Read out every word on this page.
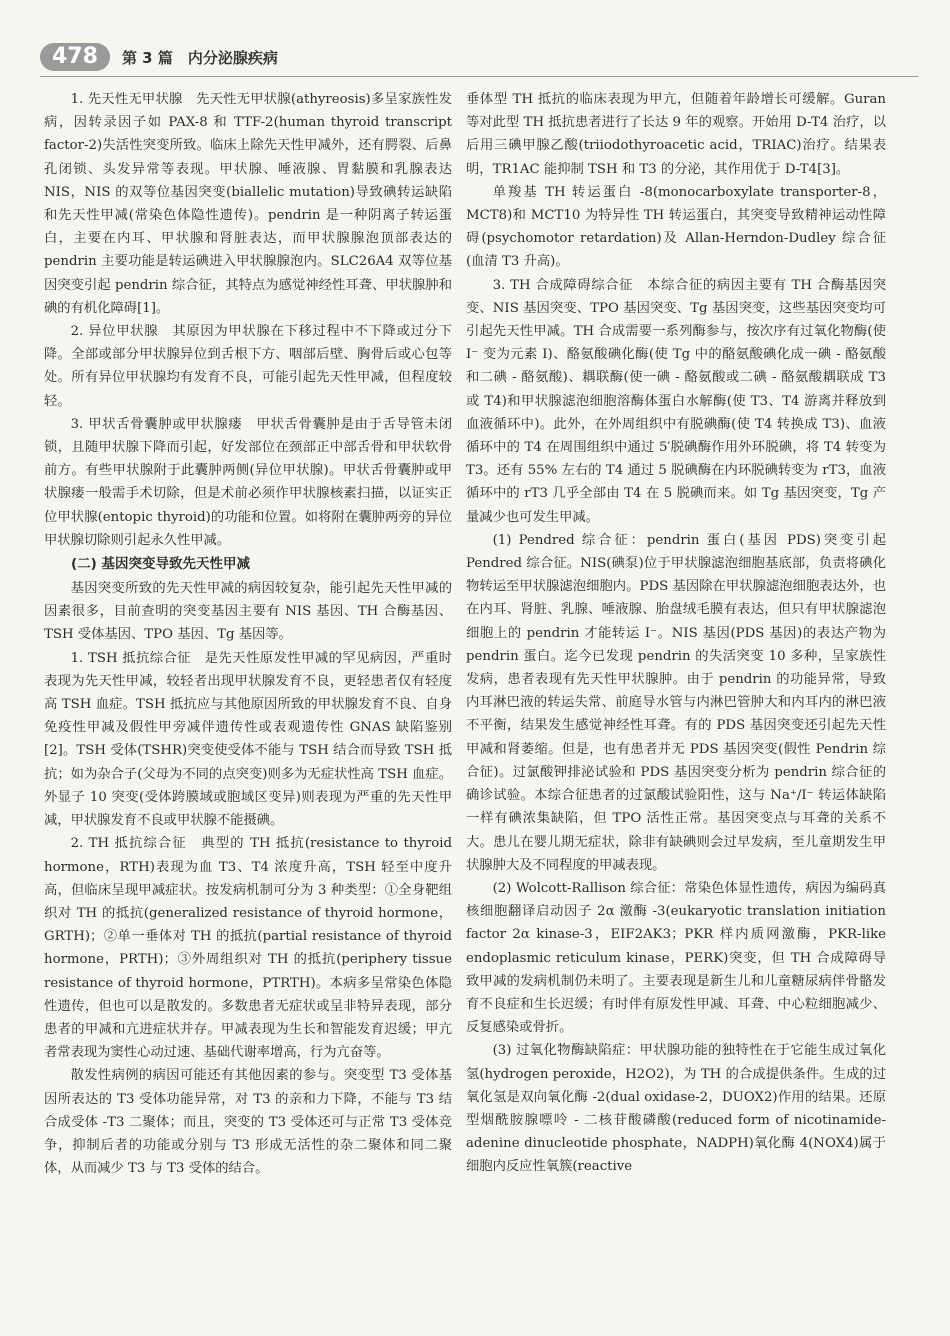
478	第 3 篇　内分泌腺疾病

1. 先天性无甲状腺　先天性无甲状腺(athyreosis)多呈家族性发病，因转录因子如 PAX-8 和 TTF-2(human thyroid transcript factor-2)失活性突变所致。临床上除先天性甲减外，还有腭裂、后鼻孔闭锁、头发异常等表现。甲状腺、唾液腺、胃黏膜和乳腺表达 NIS，NIS 的双等位基因突变(biallelic mutation)导致碘转运缺陷和先天性甲减(常染色体隐性遗传)。pendrin 是一种阴离子转运蛋白，主要在内耳、甲状腺和肾脏表达，而甲状腺腺泡顶部表达的 pendrin 主要功能是转运碘进入甲状腺腺泡内。SLC26A4 双等位基因突变引起 pendrin 综合征，其特点为感觉神经性耳聋、甲状腺肿和碘的有机化障碍[1]。

2. 异位甲状腺　其原因为甲状腺在下移过程中不下降或过分下降。全部或部分甲状腺异位到舌根下方、咽部后壁、胸骨后或心包等处。所有异位甲状腺均有发育不良，可能引起先天性甲减，但程度较轻。

3. 甲状舌骨囊肿或甲状腺瘘　甲状舌骨囊肿是由于舌导管未闭锁，且随甲状腺下降而引起，好发部位在颈部正中部舌骨和甲状软骨前方。有些甲状腺附于此囊肿两侧(异位甲状腺)。甲状舌骨囊肿或甲状腺瘘一般需手术切除，但是术前必须作甲状腺核素扫描，以证实正位甲状腺(entopic thyroid)的功能和位置。如将附在囊肿两旁的异位甲状腺切除则引起永久性甲减。

(二) 基因突变导致先天性甲减

基因突变所致的先天性甲减的病因较复杂，能引起先天性甲减的因素很多，目前查明的突变基因主要有 NIS 基因、TH 合酶基因、TSH 受体基因、TPO 基因、Tg 基因等。

1. TSH 抵抗综合征　是先天性原发性甲减的罕见病因，严重时表现为先天性甲减，较轻者出现甲状腺发育不良，更轻患者仅有轻度高 TSH 血症。TSH 抵抗应与其他原因所致的甲状腺发育不良、自身免疫性甲减及假性甲旁减伴遗传性或表观遗传性 GNAS 缺陷鉴别[2]。TSH 受体(TSHR)突变使受体不能与 TSH 结合而导致 TSH 抵抗；如为杂合子(父母为不同的点突变)则多为无症状性高 TSH 血症。外显子 10 突变(受体跨膜域或胞域区变异)则表现为严重的先天性甲减，甲状腺发育不良或甲状腺不能摄碘。

2. TH 抵抗综合征　典型的 TH 抵抗(resistance to thyroid hormone，RTH)表现为血 T3、T4 浓度升高，TSH 轻至中度升高，但临床呈现甲减症状。按发病机制可分为 3 种类型：①全身靶组织对 TH 的抵抗(generalized resistance of thyroid hormone，GRTH)；②单一垂体对 TH 的抵抗(partial resistance of thyroid hormone，PRTH)；③外周组织对 TH 的抵抗(periphery tissue resistance of thyroid hormone，PTRTH)。本病多呈常染色体隐性遗传，但也可以是散发的。多数患者无症状或呈非特异表现，部分患者的甲减和亢进症状并存。甲减表现为生长和智能发育迟缓；甲亢者常表现为窦性心动过速、基础代谢率增高，行为亢奋等。

散发性病例的病因可能还有其他因素的参与。突变型 T3 受体基因所表达的 T3 受体功能异常，对 T3 的亲和力下降，不能与 T3 结合成受体 -T3 二聚体；而且，突变的 T3 受体还可与正常 T3 受体竞争，抑制后者的功能或分别与 T3 形成无活性的杂二聚体和同二聚体，从而减少 T3 与 T3 受体的结合。

垂体型 TH 抵抗的临床表现为甲亢，但随着年龄增长可缓解。Guran 等对此型 TH 抵抗患者进行了长达 9 年的观察。开始用 D-T4 治疗，以后用三碘甲腺乙酸(triiodothyroacetic acid，TRIAC)治疗。结果表明，TR1AC 能抑制 TSH 和 T3 的分泌，其作用优于 D-T4[3]。

单羧基 TH 转运蛋白 -8(monocarboxylate transporter-8，MCT8)和 MCT10 为特异性 TH 转运蛋白，其突变导致精神运动性障碍(psychomotor retardation)及 Allan-Herndon-Dudley 综合征(血清 T3 升高)。

3. TH 合成障碍综合征　本综合征的病因主要有 TH 合酶基因突变、NIS 基因突变、TPO 基因突变、Tg 基因突变，这些基因突变均可引起先天性甲减。TH 合成需要一系列酶参与，按次序有过氧化物酶(使 I⁻ 变为元素 I)、酪氨酸碘化酶(使 Tg 中的酪氨酸碘化成一碘 - 酪氨酸和二碘 - 酪氨酸)、耦联酶(使一碘 - 酪氨酸或二碘 - 酪氨酸耦联成 T3 或 T4)和甲状腺滤泡细胞溶酶体蛋白水解酶(使 T3、T4 游离并释放到血液循环中)。此外，在外周组织中有脱碘酶(使 T4 转换成 T3)、血液循环中的 T4 在周围组织中通过 5′脱碘酶作用外环脱碘，将 T4 转变为 T3。还有 55% 左右的 T4 通过 5 脱碘酶在内环脱碘转变为 rT3，血液循环中的 rT3 几乎全部由 T4 在 5 脱碘而来。如 Tg 基因突变，Tg 产量减少也可发生甲减。

(1) Pendred 综合征：pendrin 蛋白(基因 PDS)突变引起 Pendred 综合征。NIS(碘泵)位于甲状腺滤泡细胞基底部，负责将碘化物转运至甲状腺滤泡细胞内。PDS 基因除在甲状腺滤泡细胞表达外，也在内耳、肾脏、乳腺、唾液腺、胎盘绒毛膜有表达，但只有甲状腺滤泡细胞上的 pendrin 才能转运 I⁻。NIS 基因(PDS 基因)的表达产物为 pendrin 蛋白。迄今已发现 pendrin 的失活突变 10 多种，呈家族性发病，患者表现有先天性甲状腺肿。由于 pendrin 的功能异常，导致内耳淋巴液的转运失常、前庭导水管与内淋巴管肿大和内耳内的淋巴液不平衡，结果发生感觉神经性耳聋。有的 PDS 基因突变还引起先天性甲减和肾萎缩。但是，也有患者并无 PDS 基因突变(假性 Pendrin 综合征)。过氯酸钾排泌试验和 PDS 基因突变分析为 pendrin 综合征的确诊试验。本综合征患者的过氯酸试验阳性，这与 Na⁺/I⁻ 转运体缺陷一样有碘浓集缺陷，但 TPO 活性正常。基因突变点与耳聋的关系不大。患儿在婴儿期无症状，除非有缺碘则会过早发病，至儿童期发生甲状腺肿大及不同程度的甲减表现。

(2) Wolcott-Rallison 综合征：常染色体显性遗传，病因为编码真核细胞翻译启动因子 2α 激酶 -3(eukaryotic translation initiation factor 2α kinase-3，EIF2AK3；PKR 样内质网激酶，PKR-like endoplasmic reticulum kinase，PERK)突变，但 TH 合成障碍导致甲减的发病机制仍未明了。主要表现是新生儿和儿童糖尿病伴骨骼发育不良症和生长迟缓；有时伴有原发性甲减、耳聋、中心粒细胞减少、反复感染或骨折。

(3) 过氧化物酶缺陷症：甲状腺功能的独特性在于它能生成过氧化氢(hydrogen peroxide，H2O2)，为 TH 的合成提供条件。生成的过氧化氢是双向氧化酶 -2(dual oxidase-2，DUOX2)作用的结果。还原型烟酰胺腺嘌呤 - 二核苷酸磷酸(reduced form of nicotinamide-adenine dinucleotide phosphate，NADPH)氧化酶 4(NOX4)属于细胞内反应性氧簇(reactive
